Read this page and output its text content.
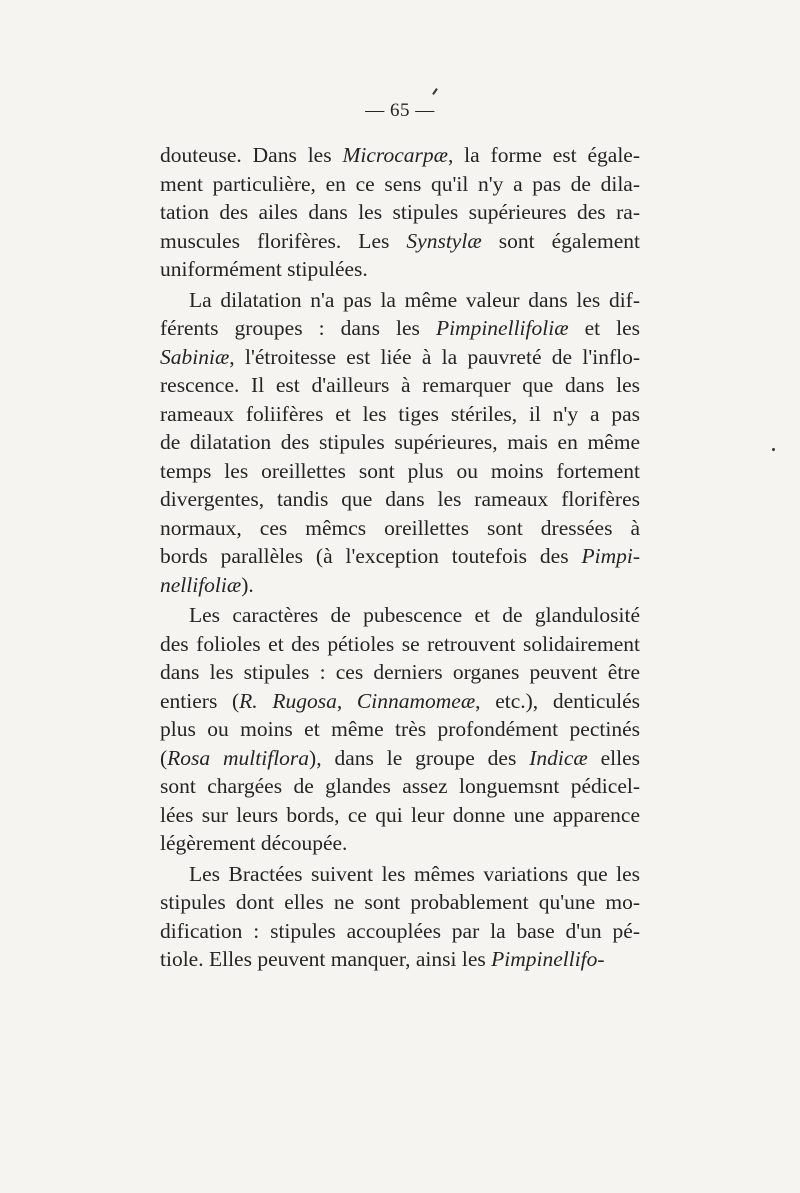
— 65 —
douteuse. Dans les Microcarpæ, la forme est égale-
ment particulière, en ce sens qu'il n'y a pas de dila-
tation des ailes dans les stipules supérieures des ra-
muscules florifères. Les Synstylæ sont également
uniformément stipulées.
La dilatation n'a pas la même valeur dans les dif-
férents groupes : dans les Pimpinellifoliæ et les
Sabiniæ, l'étroitesse est liée à la pauvreté de l'inflo-
rescence. Il est d'ailleurs à remarquer que dans les
rameaux foliifères et les tiges stériles, il n'y a pas
de dilatation des stipules supérieures, mais en même
temps les oreillettes sont plus ou moins fortement
divergentes, tandis que dans les rameaux florifères
normaux, ces mêmcs oreillettes sont dressées à
bords parallèles (à l'exception toutefois des Pimpi-
nellifoliæ).
Les caractères de pubescence et de glandulosité
des folioles et des pétioles se retrouvent solidairement
dans les stipules : ces derniers organes peuvent être
entiers (R. Rugosa, Cinnamomeæ, etc.), denticulés
plus ou moins et même très profondément pectinés
(Rosa multiflora), dans le groupe des Indicæ elles
sont chargées de glandes assez longuemsnt pédicel-
lées sur leurs bords, ce qui leur donne une apparence
légèrement découpée.
Les Bractées suivent les mêmes variations que les
stipules dont elles ne sont probablement qu'une mo-
dification : stipules accouplées par la base d'un pé-
tiole. Elles peuvent manquer, ainsi les Pimpinellifo-
